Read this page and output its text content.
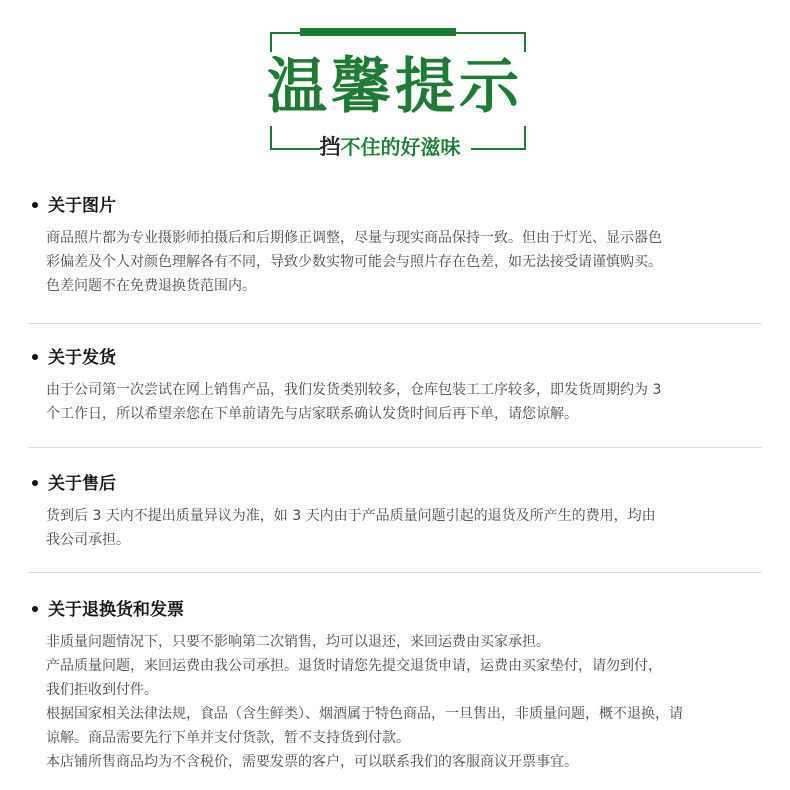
温馨提示
挡不住的好滋味
关于图片
商品照片都为专业摄影师拍摄后和后期修正调整，尽量与现实商品保持一致。但由于灯光、显示器色
彩偏差及个人对颜色理解各有不同，导致少数实物可能会与照片存在色差，如无法接受请谨慎购买。
色差问题不在免费退换货范围内。
关于发货
由于公司第一次尝试在网上销售产品，我们发货类别较多，仓库包装工工序较多，即发货周期约为 3
个工作日，所以希望亲您在下单前请先与店家联系确认发货时间后再下单，请您谅解。
关于售后
货到后 3 天内不提出质量异议为准，如 3 天内由于产品质量问题引起的退货及所产生的费用，均由
我公司承担。
关于退换货和发票
非质量问题情况下，只要不影响第二次销售，均可以退还，来回运费由买家承担。
产品质量问题，来回运费由我公司承担。退货时请您先提交退货申请，运费由买家垫付，请勿到付，
我们拒收到付件。
根据国家相关法律法规，食品（含生鲜类）、烟酒属于特色商品，一旦售出，非质量问题，概不退换，请
谅解。商品需要先行下单并支付货款，暂不支持货到付款。
本店铺所售商品均为不含税价，需要发票的客户，可以联系我们的客服商议开票事宜。
